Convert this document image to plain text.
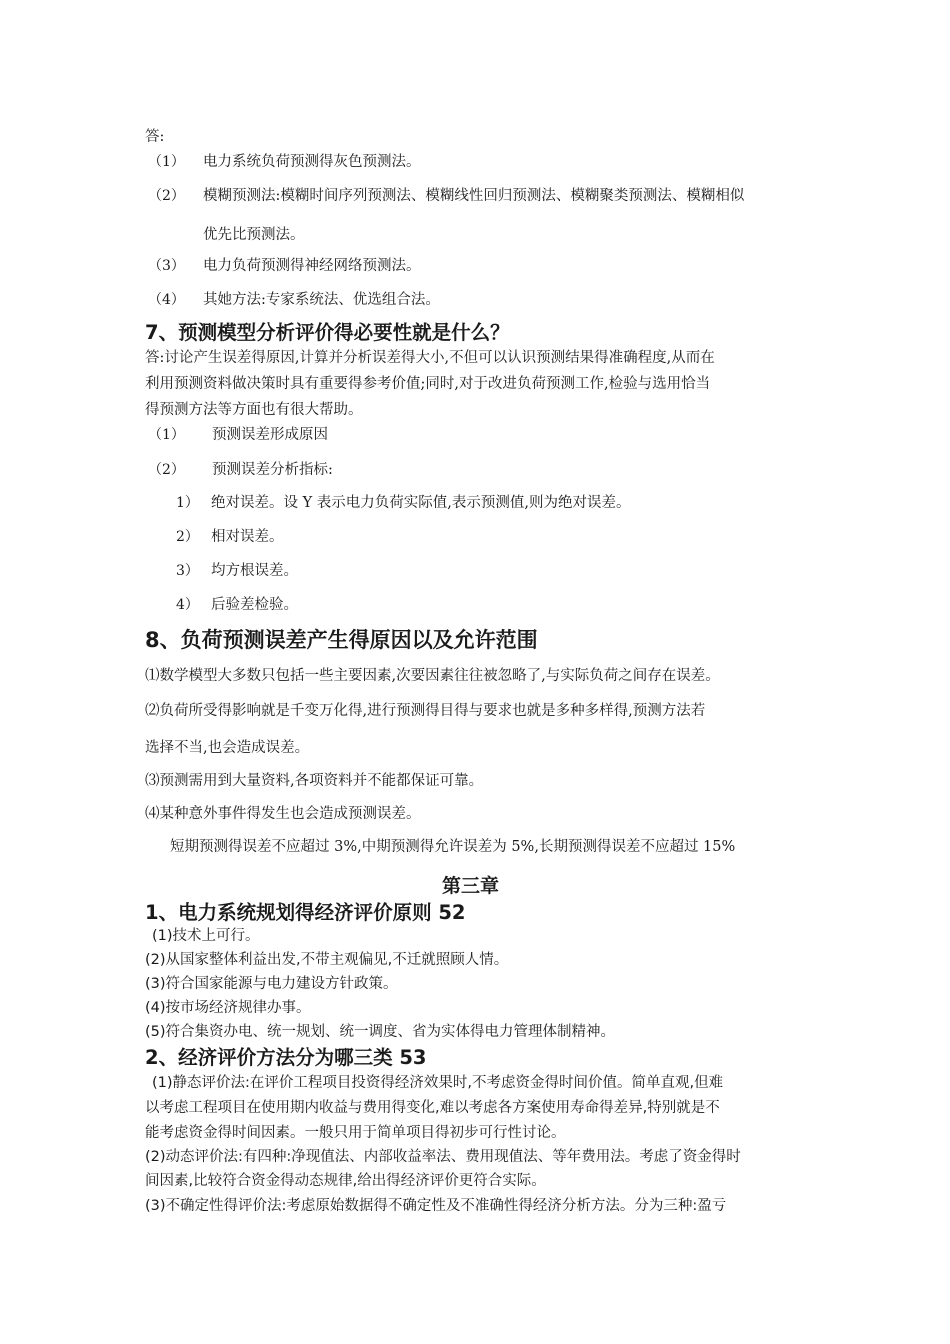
答:
（1） 电力系统负荷预测得灰色预测法。
（2） 模糊预测法:模糊时间序列预测法、模糊线性回归预测法、模糊聚类预测法、模糊相似
优先比预测法。
（3） 电力负荷预测得神经网络预测法。
（4） 其她方法:专家系统法、优选组合法。
7、预测模型分析评价得必要性就是什么？
答:讨论产生误差得原因,计算并分析误差得大小,不但可以认识预测结果得准确程度,从而在
利用预测资料做决策时具有重要得参考价值;同时,对于改进负荷预测工作,检验与选用恰当
得预测方法等方面也有很大帮助。
（1） 预测误差形成原因
（2） 预测误差分析指标:
1） 绝对误差。设 Y 表示电力负荷实际值,表示预测值,则为绝对误差。
2） 相对误差。
3） 均方根误差。
4） 后验差检验。
8、负荷预测误差产生得原因以及允许范围
⑴数学模型大多数只包括一些主要因素,次要因素往往被忽略了,与实际负荷之间存在误差。
⑵负荷所受得影响就是千变万化得,进行预测得目得与要求也就是多种多样得,预测方法若
选择不当,也会造成误差。
⑶预测需用到大量资料,各项资料并不能都保证可靠。
⑷某种意外事件得发生也会造成预测误差。
短期预测得误差不应超过 3%,中期预测得允许误差为 5%,长期预测得误差不应超过 15%
第三章
1、电力系统规划得经济评价原则 52
(1)技术上可行。
(2)从国家整体利益出发,不带主观偏见,不迁就照顾人情。
(3)符合国家能源与电力建设方针政策。
(4)按市场经济规律办事。
(5)符合集资办电、统一规划、统一调度、省为实体得电力管理体制精神。
2、经济评价方法分为哪三类 53
(1)静态评价法:在评价工程项目投资得经济效果时,不考虑资金得时间价值。简单直观,但难
以考虑工程项目在使用期内收益与费用得变化,难以考虑各方案使用寿命得差异,特别就是不
能考虑资金得时间因素。一般只用于简单项目得初步可行性讨论。
(2)动态评价法:有四种:净现值法、内部收益率法、费用现值法、等年费用法。考虑了资金得时
间因素,比较符合资金得动态规律,给出得经济评价更符合实际。
(3)不确定性得评价法:考虑原始数据得不确定性及不准确性得经济分析方法。分为三种:盈亏
